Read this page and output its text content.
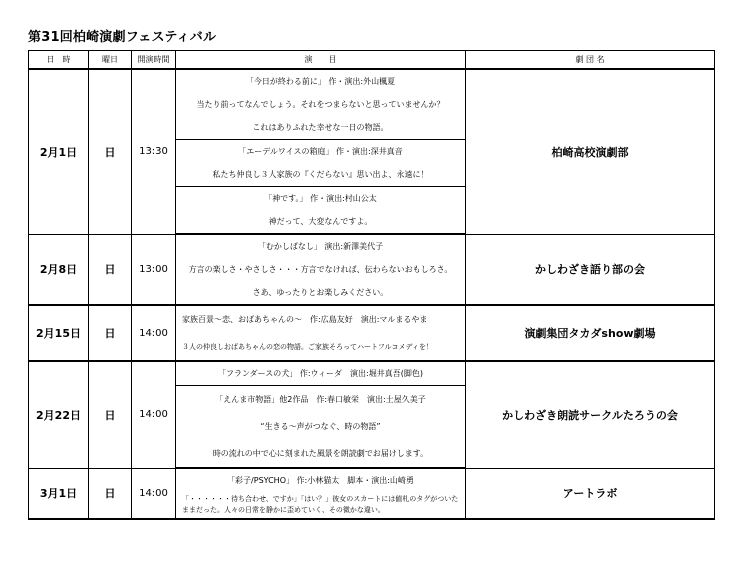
第31回柏崎演劇フェスティバル
日　時	曜日	開演時間	演　　目	劇 団 名
2月1日	日	13:30	「今日が終わる前に」 作・演出:外山楓夏
当たり前ってなんでしょう。それをつまらないと思っていませんか？
これはありふれた幸せな一日の物語。	柏崎高校演劇部

「エーデルワイスの箱庭」 作・演出:深井真音
私たち仲良し３人家族の『くだらない』思い出よ、永遠に！	

「神です。」 作・演出:村山公太
神だって、大変なんですよ。	

2月8日	日	13:00	「むかしばなし」 演出:新澤美代子
方言の楽しさ・やさしさ・・・方言でなければ、伝わらないおもしろさ。
さあ、ゆったりとお楽しみください。	かしわざき語り部の会
2月15日	日	14:00	家族百景～恋、おばあちゃんの～　作:広島友好　演出:マルまるやま
３人の仲良しおばあちゃんの恋の物語。ご家族そろってハートフルコメディを！	演劇集団タカダshow劇場
2月22日	日	14:00	「フランダースの犬」 作:ウィーダ　演出:堀井真吾(脚色)	かしわざき朗読サークルたろうの会

「えんま市物語」他2作品　作:春口敏栄　演出:土屋久美子
“生きる～声がつなぐ、時の物語”
時の流れの中で心に刻まれた風景を朗読劇でお届けします。	

3月1日	日	14:00	「彩子/PSYCHO」 作:小林猫太　脚本・演出:山崎勇
「・・・・・・待ち合わせ、ですか」「はい？」彼女のスカートには値札のタグがついたままだった。人々の日常を静かに歪めていく、その微かな違い。	アートラボ
